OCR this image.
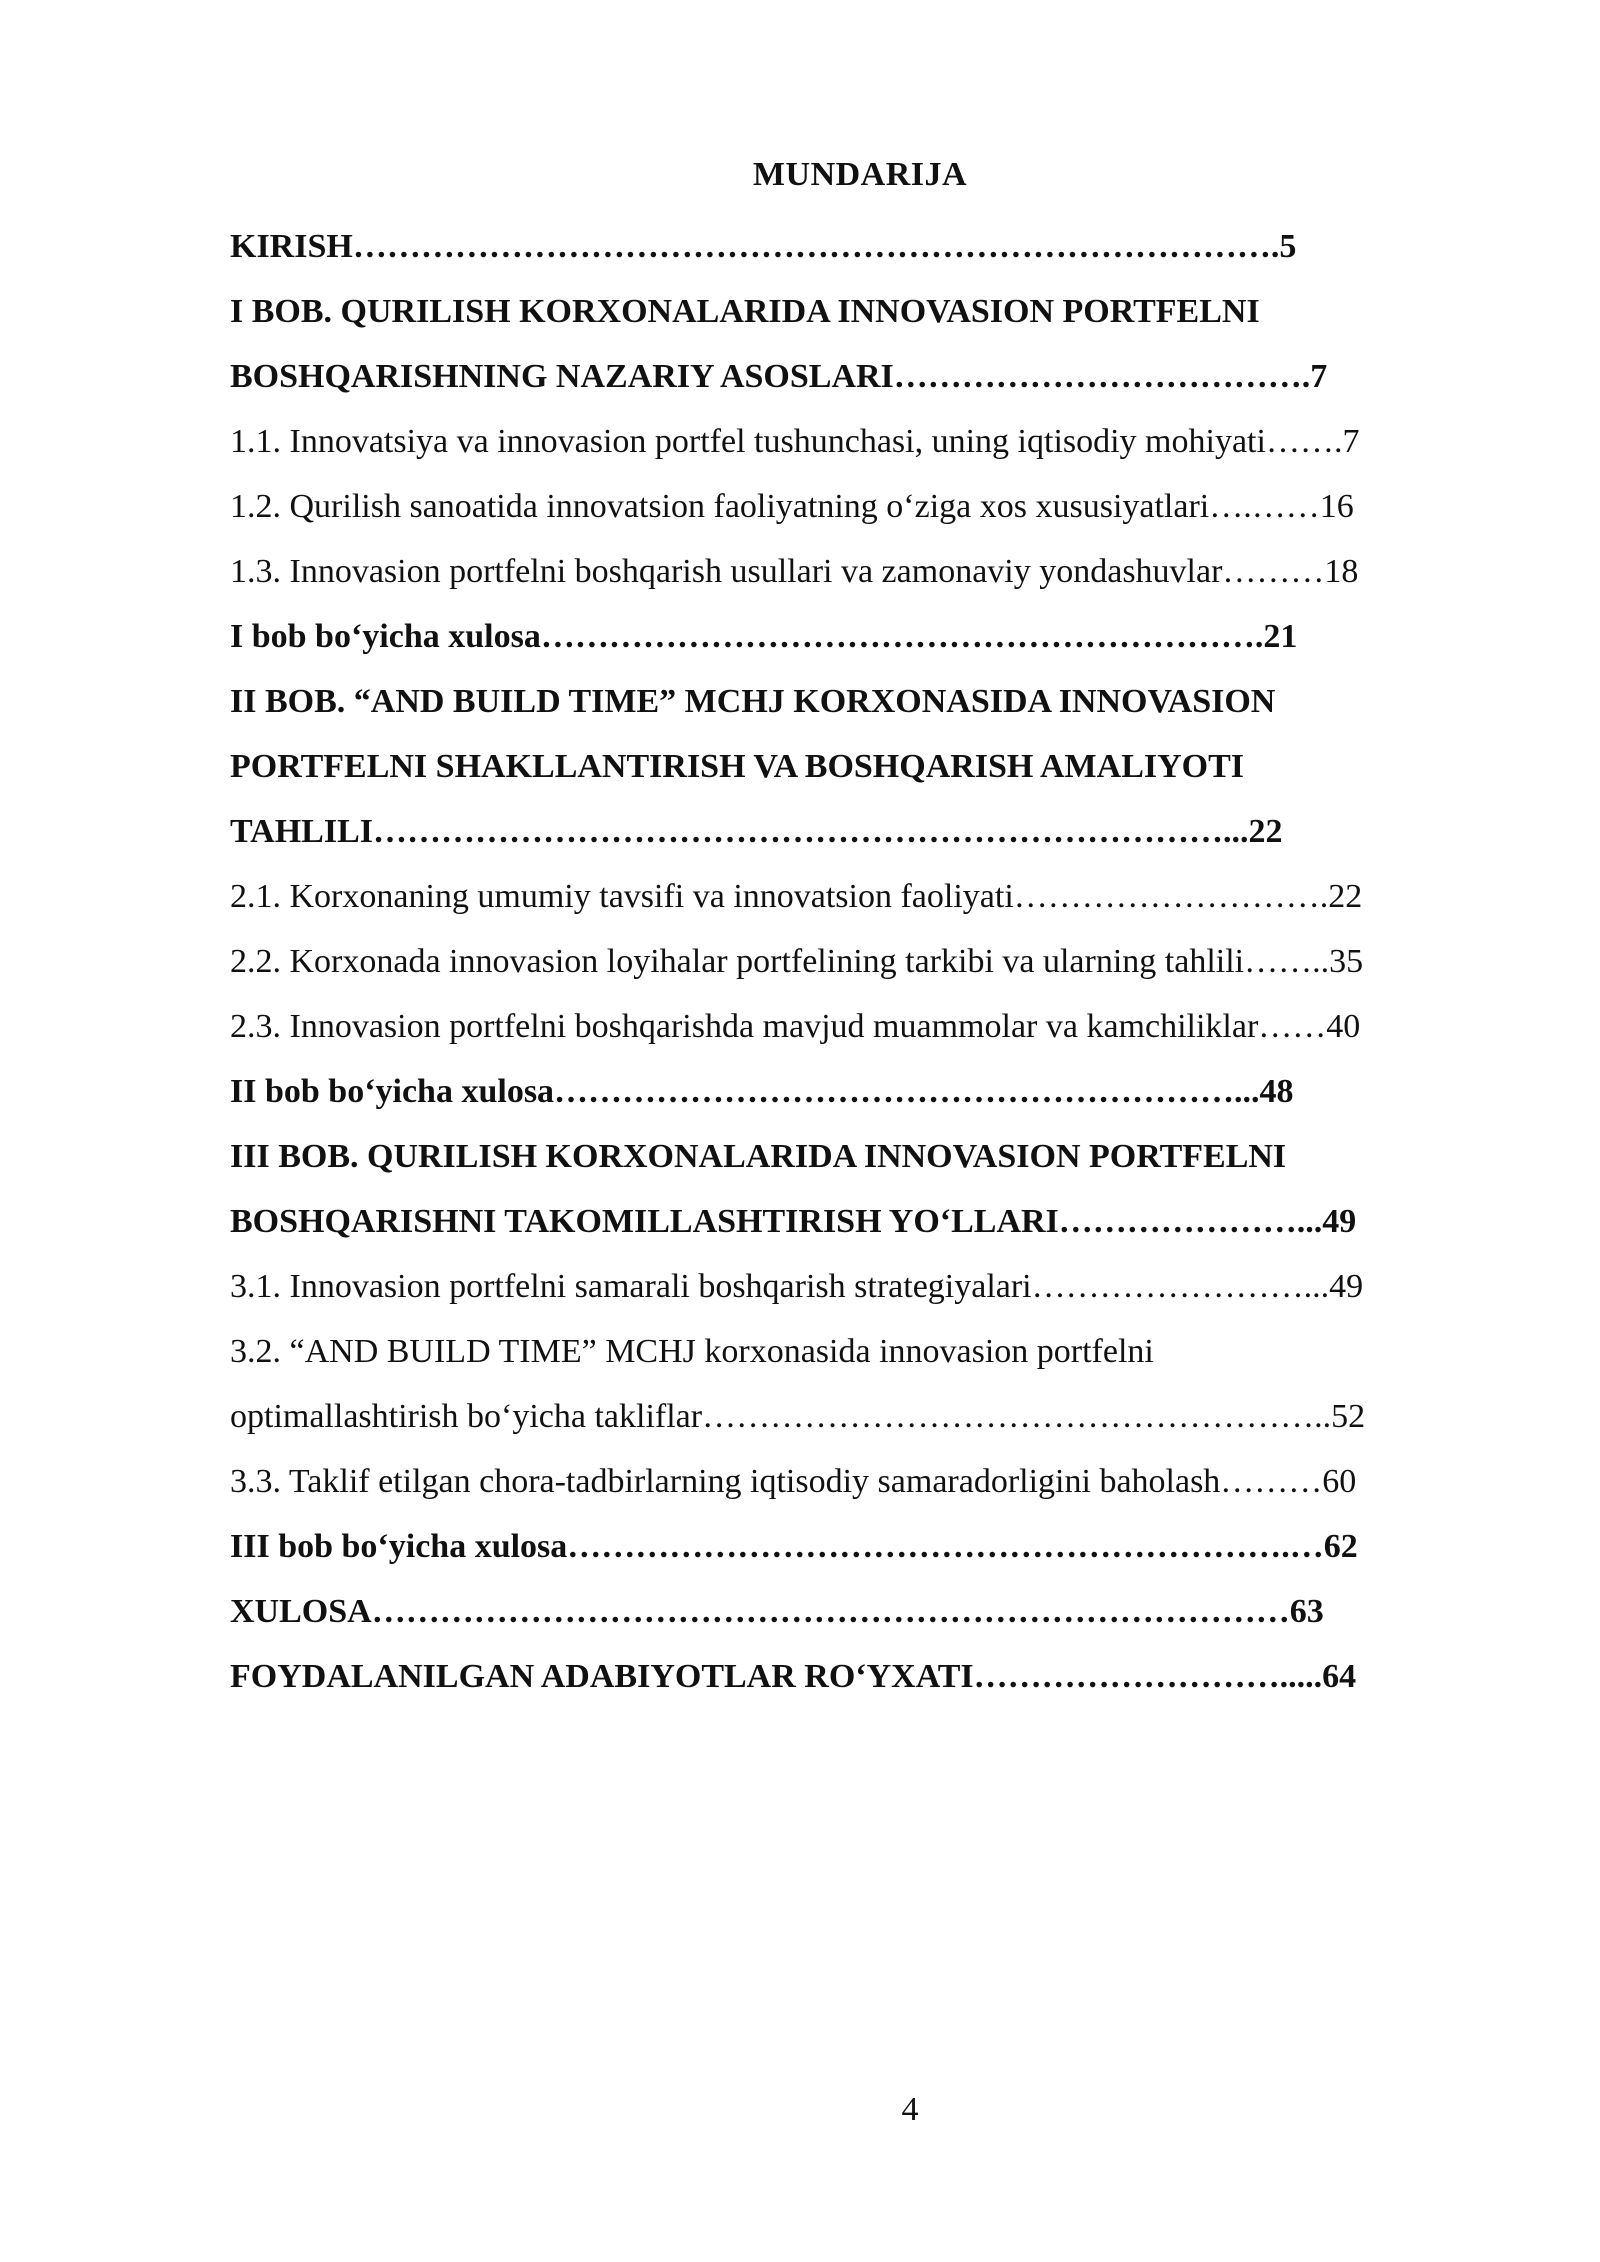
MUNDARIJA
KIRISH……………………………………………………………………….5
I BOB. QURILISH KORXONALARIDA INNOVASION PORTFELNI
BOSHQARISHNING NAZARIY ASOSLARI……………………………….7
1.1. Innovatsiya va innovasion portfel tushunchasi, uning iqtisodiy mohiyati…….7
1.2. Qurilish sanoatida innovatsion faoliyatning oʻziga xos xususiyatlari….……16
1.3. Innovasion portfelni boshqarish usullari va zamonaviy yondashuvlar………18
I bob boʻyicha xulosa……………………………………………………….21
II BOB. “AND BUILD TIME” MCHJ KORXONASIDA INNOVASION
PORTFELNI SHAKLLANTIRISH VA BOSHQARISH AMALIYOTI
TAHLILI…………………………………………………………………...22
2.1. Korxonaning umumiy tavsifi va innovatsion faoliyati……………………….22
2.2. Korxonada innovasion loyihalar portfelining tarkibi va ularning tahlili……..35
2.3. Innovasion portfelni boshqarishda mavjud muammolar va kamchiliklar……40
II bob boʻyicha xulosa……………………………………………………...48
III BOB. QURILISH KORXONALARIDA INNOVASION PORTFELNI
BOSHQARISHNI TAKOMILLASHTIRISH YOʻLLARI…………………...49
3.1. Innovasion portfelni samarali boshqarish strategiyalari……………………...49
3.2. “AND BUILD TIME” MCHJ korxonasida innovasion portfelni
optimallashtirish boʻyicha takliflar………………………………………………..52
3.3. Taklif etilgan chora-tadbirlarning iqtisodiy samaradorligini baholash………60
III bob boʻyicha xulosa……………………………………………………….…62
XULOSA………………………………………………………………………63
FOYDALANILGAN ADABIYOTLAR ROʻYXATI……………………….....64
4
